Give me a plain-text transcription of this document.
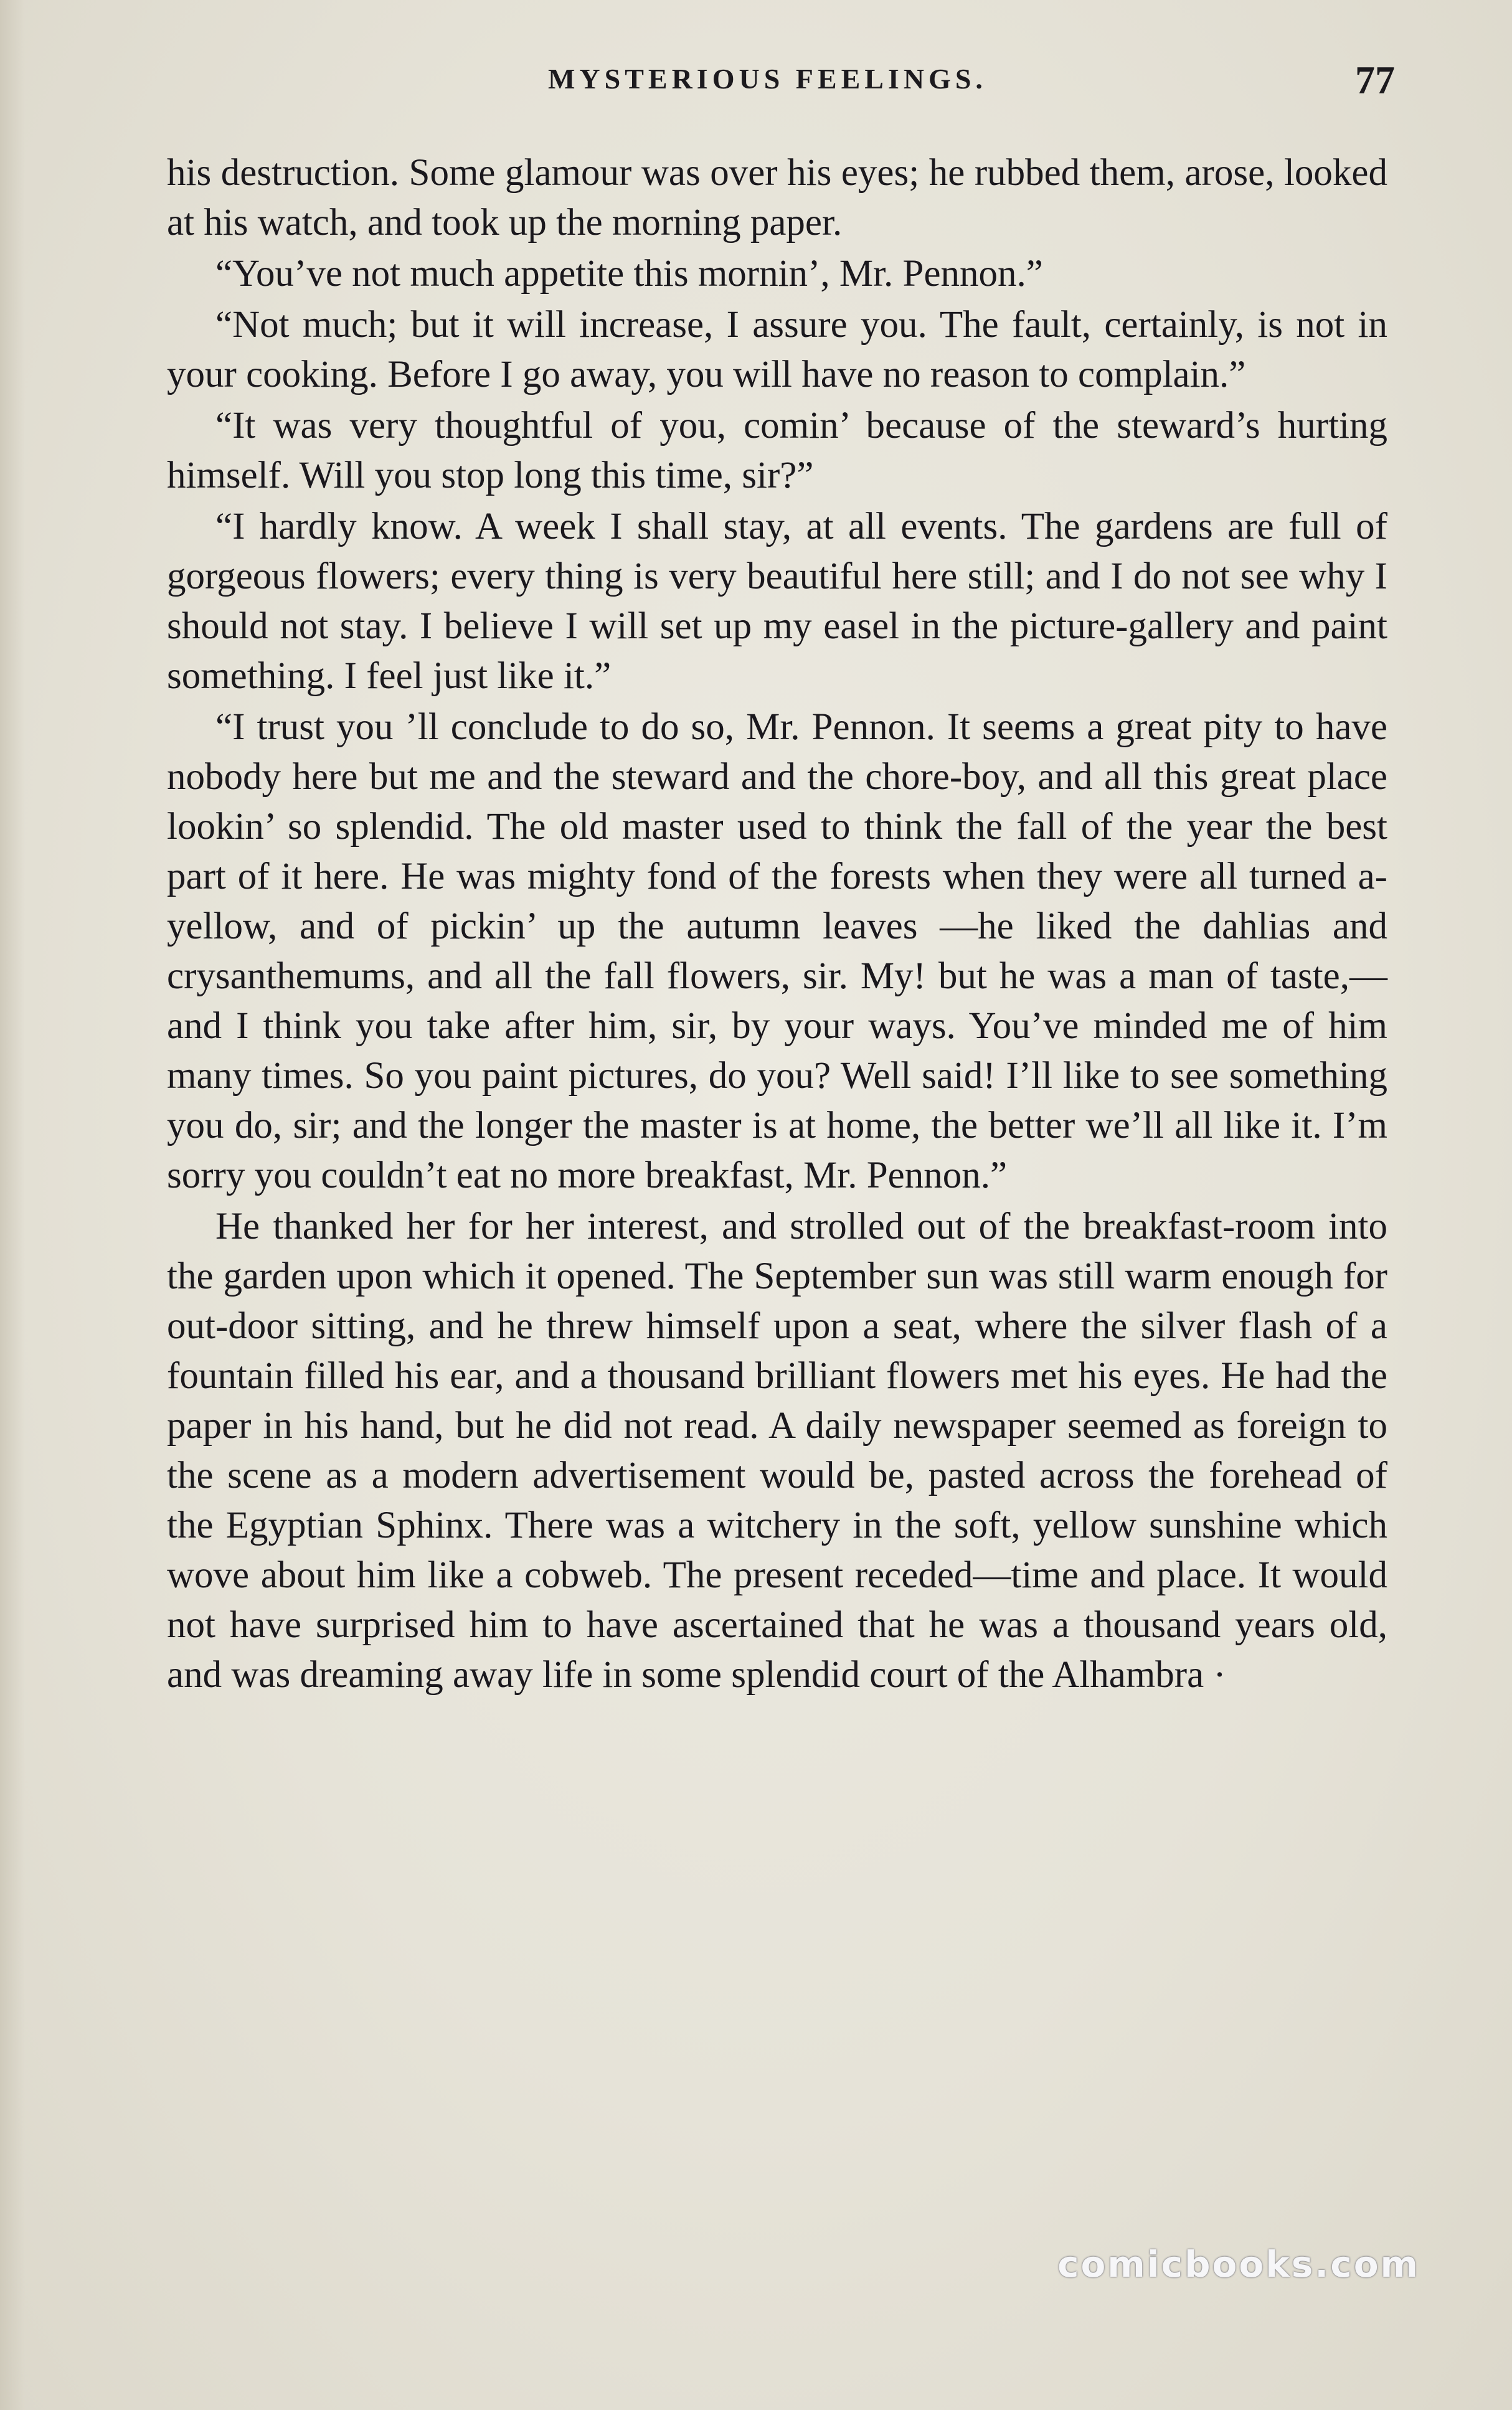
MYSTERIOUS FEELINGS.	77

his destruction. Some glamour was over his eyes; he rubbed them, arose, looked at his watch, and took up the morning paper.

“You’ve not much appetite this mornin’, Mr. Pennon.”

“Not much; but it will increase, I assure you. The fault, certainly, is not in your cooking. Before I go away, you will have no reason to complain.”

“It was very thoughtful of you, comin’ because of the steward’s hurting himself. Will you stop long this time, sir?”

“I hardly know. A week I shall stay, at all events. The gardens are full of gorgeous flowers; every thing is very beautiful here still; and I do not see why I should not stay. I believe I will set up my easel in the picture-gallery and paint something. I feel just like it.”

“I trust you ’ll conclude to do so, Mr. Pennon. It seems a great pity to have nobody here but me and the steward and the chore-boy, and all this great place lookin’ so splendid. The old master used to think the fall of the year the best part of it here. He was mighty fond of the forests when they were all turned a-yellow, and of pickin’ up the autumn leaves —he liked the dahlias and crysanthemums, and all the fall flowers, sir. My! but he was a man of taste,—and I think you take after him, sir, by your ways. You’ve minded me of him many times. So you paint pictures, do you? Well said! I’ll like to see something you do, sir; and the longer the master is at home, the better we’ll all like it. I’m sorry you couldn’t eat no more breakfast, Mr. Pennon.”

He thanked her for her interest, and strolled out of the breakfast-room into the garden upon which it opened. The September sun was still warm enough for out-door sitting, and he threw himself upon a seat, where the silver flash of a fountain filled his ear, and a thousand brilliant flowers met his eyes. He had the paper in his hand, but he did not read. A daily newspaper seemed as foreign to the scene as a modern advertisement would be, pasted across the forehead of the Egyptian Sphinx. There was a witchery in the soft, yellow sunshine which wove about him like a cobweb. The present receded—time and place. It would not have surprised him to have ascertained that he was a thousand years old, and was dreaming away life in some splendid court of the Alhambra ·

comicbooks.com
